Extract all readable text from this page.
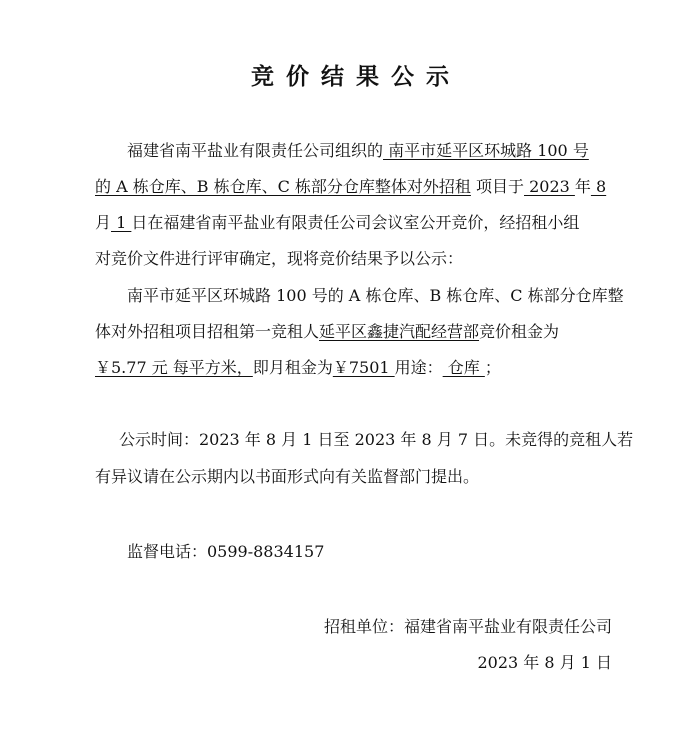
竞价结果公示
福建省南平盐业有限责任公司组织的 南平市延平区环城路 100 号
的 A 栋仓库、B 栋仓库、C 栋部分仓库整体对外招租 项目于 2023 年 8
月 1 日在福建省南平盐业有限责任公司会议室公开竞价，经招租小组
对竞价文件进行评审确定，现将竞价结果予以公示：
南平市延平区环城路 100 号的 A 栋仓库、B 栋仓库、C 栋部分仓库整
体对外招租项目招租第一竞租人延平区鑫捷汽配经营部竞价租金为
￥5.77 元 每平方米，即月租金为￥7501 用途： 仓库 ；
公示时间：2023 年 8 月 1 日至 2023 年 8 月 7 日。未竞得的竞租人若
有异议请在公示期内以书面形式向有关监督部门提出。
监督电话：0599-8834157
招租单位：福建省南平盐业有限责任公司
2023 年 8 月 1 日
